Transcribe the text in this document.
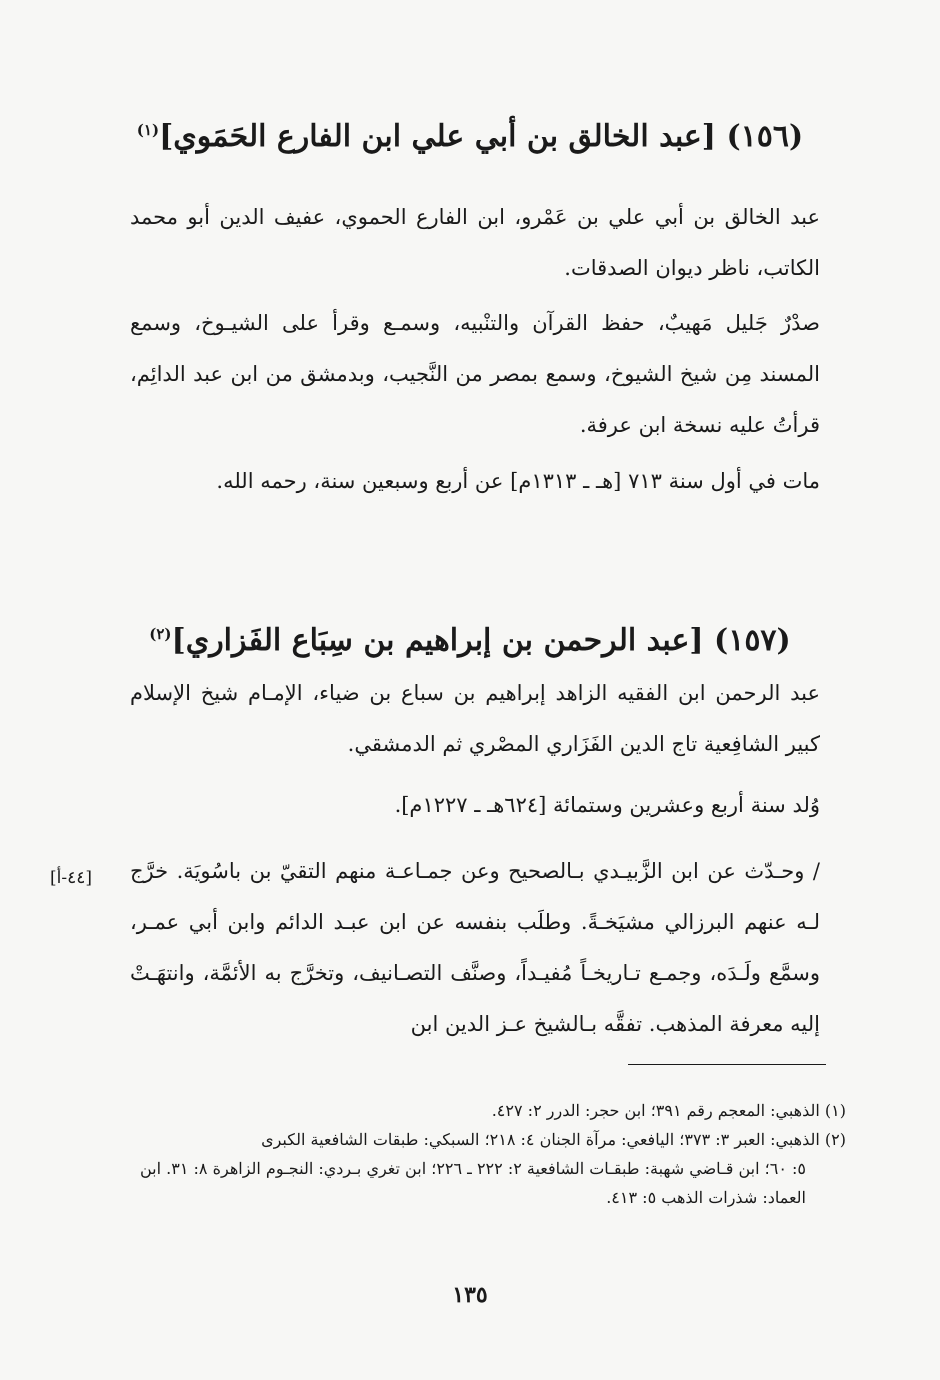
(١٥٦) [عبد الخالق بن أبي علي ابن الفارع الحَمَوي]$^{(١)}$

عبد الخالق بن أبي علي بن عَمْرو، ابن الفارع الحموي، عفيف الدين أبو محمد الكاتب، ناظر ديوان الصدقات.

صدْرٌ جَليل مَهيبٌ، حفظ القرآن والتنْبيه، وسمـع وقرأ على الشيـوخ، وسمع المسند مِن شيخ الشيوخ، وسمع بمصر من النَّجيب، وبدمشق من ابن عبد الدائِم، قرأتُ عليه نسخة ابن عرفة.

مات في أول سنة ٧١٣ [هـ ـ ١٣١٣م] عن أربع وسبعين سنة، رحمه الله.

(١٥٧) [عبد الرحمن بن إبراهيم بن سِبَاع الفَزاري]$^{(٢)}$

عبد الرحمن ابن الفقيه الزاهد إبراهيم بن سباع بن ضياء، الإمـام شيخ الإسلام كبير الشافِعية تاج الدين الفَزَاري المصْري ثم الدمشقي.

وُلد سنة أربع وعشرين وستمائة [٦٢٤هـ ـ ١٢٢٧م].

/ وحـدّث عن ابن الزَّبيـدي بـالصحيح وعن جمـاعـة منهم التقيّ بن باسُويَة. خرَّج لـه عنهم البرزالي مشيَخـةً. وطلَب بنفسه عن ابن عبـد الدائم وابن أبي عمـر، وسمَّع ولَـدَه، وجمـع تـاريخـاً مُفيـداً، وصنَّف التصـانيف، وتخرَّج به الأئمَّة، وانتهَـتْ إليه معرفة المذهب. تفقَّه بـالشيخ عـز الدين ابن

[٤٤-أ]

(١) الذهبي: المعجم رقم ٣٩١؛ ابن حجر: الدرر ٢: ٤٢٧.

(٢) الذهبي: العبر ٣: ٣٧٣؛ اليافعي: مرآة الجنان ٤: ٢١٨؛ السبكي: طبقات الشافعية الكبرى
٥: ٦٠؛ ابن قـاضي شهبة: طبقـات الشافعية ٢: ٢٢٢ ـ ٢٢٦؛ ابن تغري بـردي: النجـوم الزاهرة ٨: ٣١. ابن العماد: شذرات الذهب ٥: ٤١٣.

١٣٥
